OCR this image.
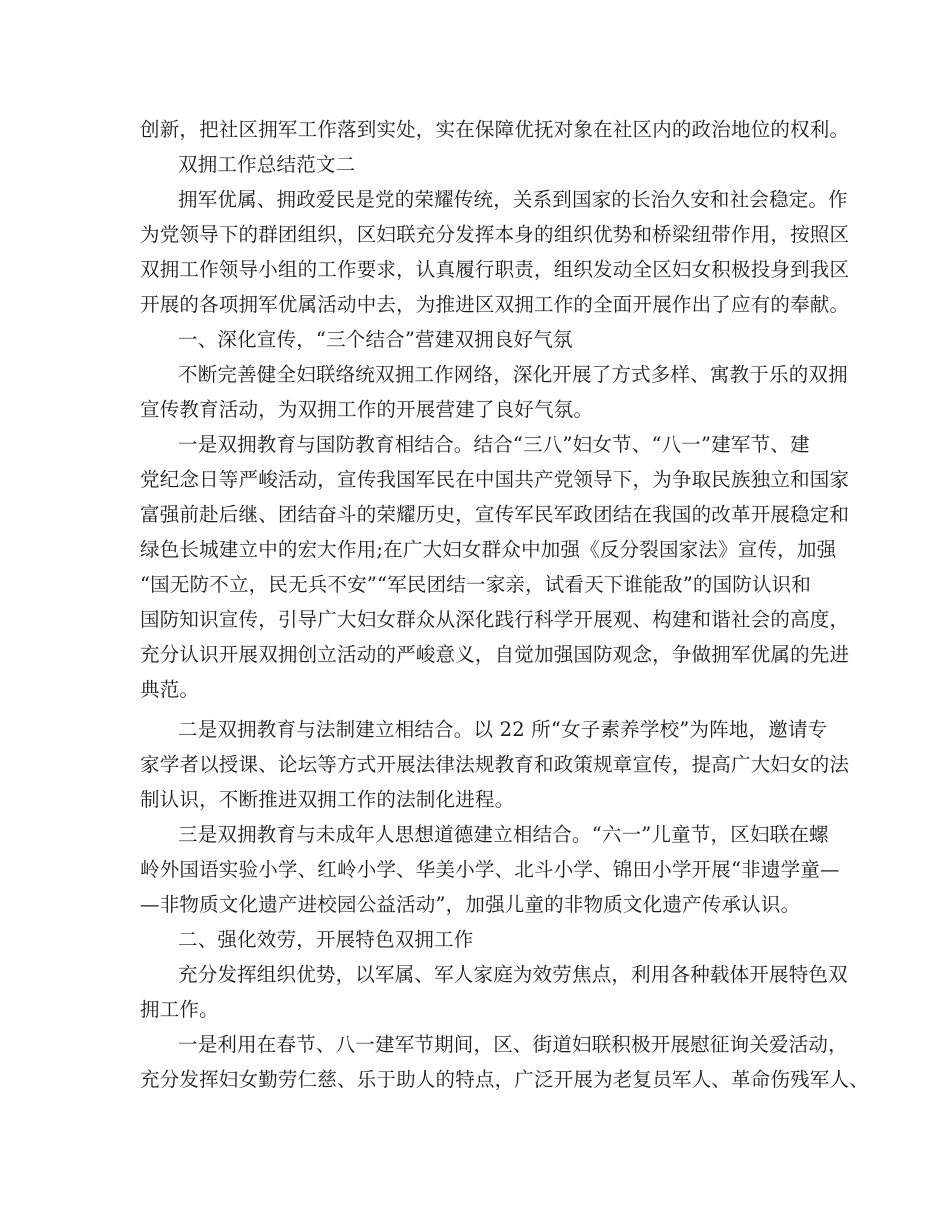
创新，把社区拥军工作落到实处，实在保障优抚对象在社区内的政治地位的权利。
双拥工作总结范文二
拥军优属、拥政爱民是党的荣耀传统，关系到国家的长治久安和社会稳定。作
为党领导下的群团组织，区妇联充分发挥本身的组织优势和桥梁纽带作用，按照区
双拥工作领导小组的工作要求，认真履行职责，组织发动全区妇女积极投身到我区
开展的各项拥军优属活动中去，为推进区双拥工作的全面开展作出了应有的奉献。
一、深化宣传，“三个结合”营建双拥良好气氛
不断完善健全妇联络统双拥工作网络，深化开展了方式多样、寓教于乐的双拥
宣传教育活动，为双拥工作的开展营建了良好气氛。
一是双拥教育与国防教育相结合。结合“三八”妇女节、“八一”建军节、建
党纪念日等严峻活动，宣传我国军民在中国共产党领导下，为争取民族独立和国家
富强前赴后继、团结奋斗的荣耀历史，宣传军民军政团结在我国的改革开展稳定和
绿色长城建立中的宏大作用;在广大妇女群众中加强《反分裂国家法》宣传，加强
“国无防不立，民无兵不安”“军民团结一家亲，试看天下谁能敌”的国防认识和
国防知识宣传，引导广大妇女群众从深化践行科学开展观、构建和谐社会的高度，
充分认识开展双拥创立活动的严峻意义，自觉加强国防观念，争做拥军优属的先进
典范。
二是双拥教育与法制建立相结合。以 22 所“女子素养学校”为阵地，邀请专
家学者以授课、论坛等方式开展法律法规教育和政策规章宣传，提高广大妇女的法
制认识，不断推进双拥工作的法制化进程。
三是双拥教育与未成年人思想道德建立相结合。“六一”儿童节，区妇联在螺
岭外国语实验小学、红岭小学、华美小学、北斗小学、锦田小学开展“非遗学童—
—非物质文化遗产进校园公益活动”，加强儿童的非物质文化遗产传承认识。
二、强化效劳，开展特色双拥工作
充分发挥组织优势，以军属、军人家庭为效劳焦点，利用各种载体开展特色双
拥工作。
一是利用在春节、八一建军节期间，区、街道妇联积极开展慰征询关爱活动，
充分发挥妇女勤劳仁慈、乐于助人的特点，广泛开展为老复员军人、革命伤残军人、
